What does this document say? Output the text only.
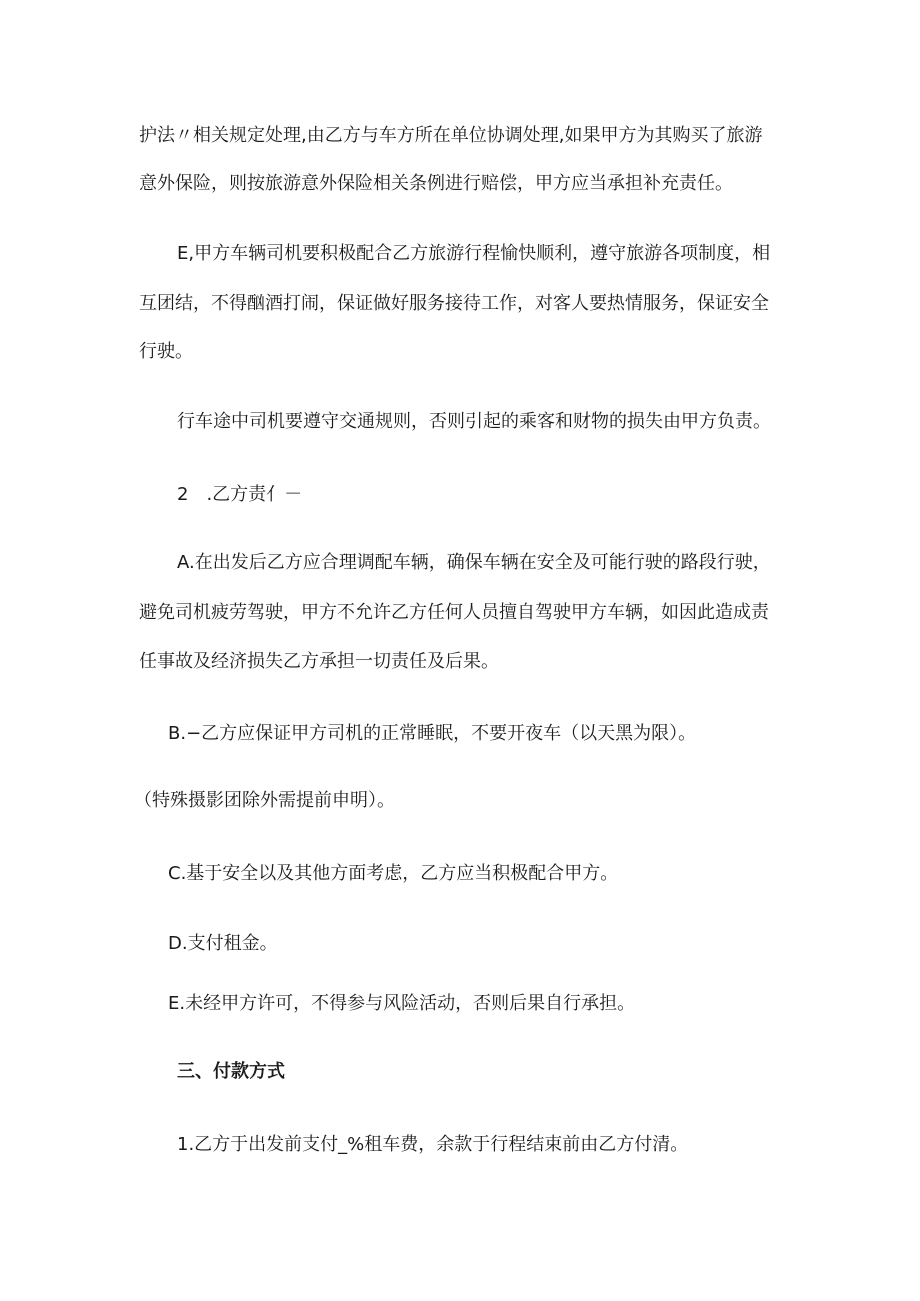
护法〃相关规定处理,由乙方与车方所在单位协调处理,如果甲方为其购买了旅游
意外保险，则按旅游意外保险相关条例进行赔偿，甲方应当承担补充责任。
E,甲方车辆司机要积极配合乙方旅游行程愉快顺利，遵守旅游各项制度，相
互团结，不得酗酒打闹，保证做好服务接待工作，对客人要热情服务，保证安全
行驶。
行车途中司机要遵守交通规则，否则引起的乘客和财物的损失由甲方负责。
2　.乙方责亻－
A.在出发后乙方应合理调配车辆，确保车辆在安全及可能行驶的路段行驶，
避免司机疲劳驾驶，甲方不允许乙方任何人员擅自驾驶甲方车辆，如因此造成责
任事故及经济损失乙方承担一切责任及后果。
B.−乙方应保证甲方司机的正常睡眠，不要开夜车（以天黑为限）。
（特殊摄影团除外需提前申明）。
C.基于安全以及其他方面考虑，乙方应当积极配合甲方。
D.支付租金。
E.未经甲方许可，不得参与风险活动，否则后果自行承担。
三、付款方式
1.乙方于出发前支付_%租车费，余款于行程结束前由乙方付清。
